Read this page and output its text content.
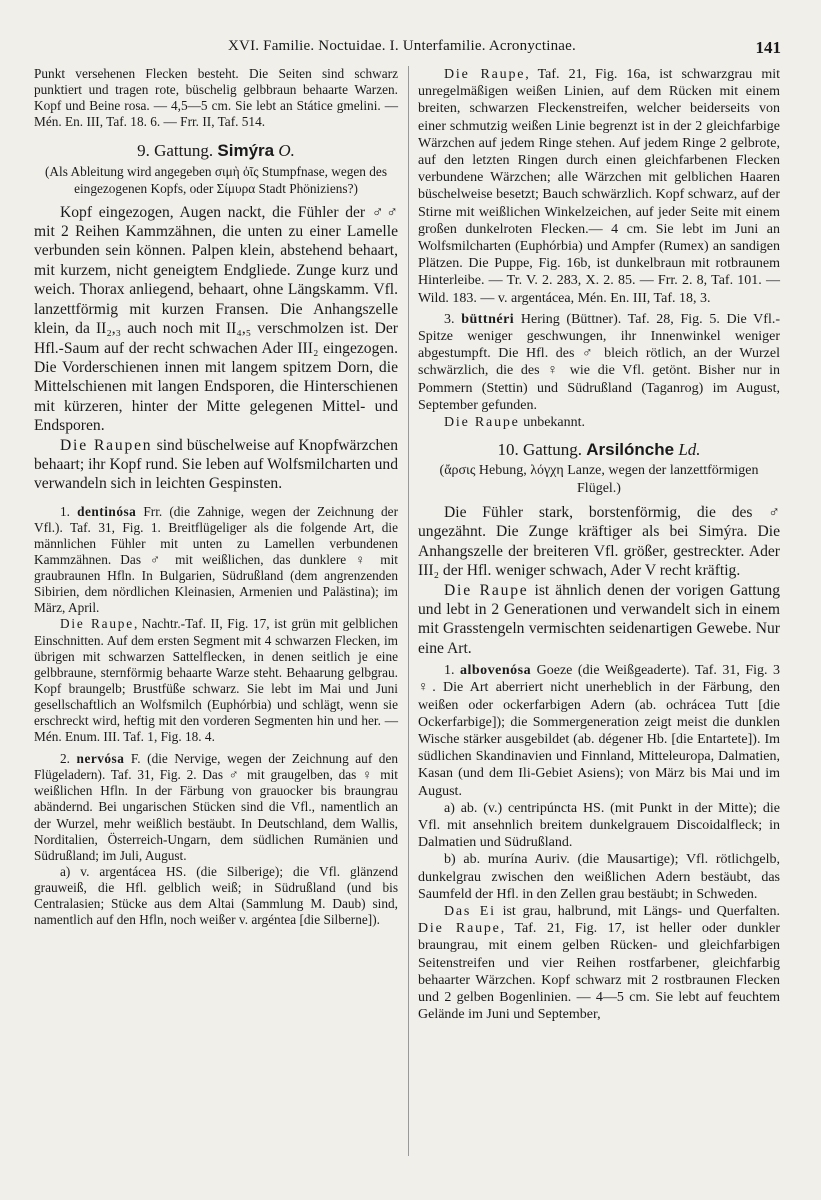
XVI. Familie. Noctuidae. I. Unterfamilie. Acronyctinae.	141

Punkt versehenen Flecken besteht. Die Seiten sind schwarz punktiert und tragen rote, büschelig gelbbraun behaarte Warzen. Kopf und Beine rosa. — 4,5—5 cm. Sie lebt an Státice gmelini. — Mén. En. III, Taf. 18. 6. — Frr. II, Taf. 514.

9. Gattung. Simýra O.

(Als Ableitung wird angegeben σιμὴ ὀῖς Stumpfnase, wegen des eingezogenen Kopfs, oder Σίμυρα Stadt Phöniziens?)

Kopf eingezogen, Augen nackt, die Fühler der ♂♂ mit 2 Reihen Kammzähnen, die unten zu einer Lamelle verbunden sein können. Palpen klein, abstehend behaart, mit kurzem, nicht geneigtem Endgliede. Zunge kurz und weich. Thorax anliegend, behaart, ohne Längskamm. Vfl. lanzettförmig mit kurzen Fransen. Die Anhangszelle klein, da II₂,₃ auch noch mit II₄,₅ verschmolzen ist. Der Hfl.-Saum auf der recht schwachen Ader III₂ eingezogen. Die Vorderschienen innen mit langem spitzem Dorn, die Mittelschienen mit langen Endsporen, die Hinterschienen mit kürzeren, hinter der Mitte gelegenen Mittel- und Endsporen.

Die Raupen sind büschelweise auf Knopfwärzchen behaart; ihr Kopf rund. Sie leben auf Wolfsmilcharten und verwandeln sich in leichten Gespinsten.

1. dentinósa Frr. (die Zahnige, wegen der Zeichnung der Vfl.). Taf. 31, Fig. 1. Breitflügeliger als die folgende Art, die männlichen Fühler mit unten zu Lamellen verbundenen Kammzähnen. Das ♂ mit weißlichen, das dunklere ♀ mit graubraunen Hfln. In Bulgarien, Südrußland (dem angrenzenden Sibirien, dem nördlichen Kleinasien, Armenien und Palästina); im März, April.

Die Raupe, Nachtr.-Taf. II, Fig. 17, ist grün mit gelblichen Einschnitten. Auf dem ersten Segment mit 4 schwarzen Flecken, im übrigen mit schwarzen Sattelflecken, in denen seitlich je eine gelbbraune, sternförmig behaarte Warze steht. Behaarung gelbgrau. Kopf braungelb; Brustfüße schwarz. Sie lebt im Mai und Juni gesellschaftlich an Wolfsmilch (Euphórbia) und schlägt, wenn sie erschreckt wird, heftig mit den vorderen Segmenten hin und her. — Mén. Enum. III. Taf. 1, Fig. 18. 4.

2. nervósa F. (die Nervige, wegen der Zeichnung auf den Flügeladern). Taf. 31, Fig. 2. Das ♂ mit graugelben, das ♀ mit weißlichen Hfln. In der Färbung von grauocker bis braungrau abändernd. Bei ungarischen Stücken sind die Vfl., namentlich an der Wurzel, mehr weißlich bestäubt. In Deutschland, dem Wallis, Norditalien, Österreich-Ungarn, dem südlichen Rumänien und Südrußland; im Juli, August.

a) v. argentácea HS. (die Silberige); die Vfl. glänzend grauweiß, die Hfl. gelblich weiß; in Südrußland (und bis Centralasien; Stücke aus dem Altai (Sammlung M. Daub) sind, namentlich auf den Hfln, noch weißer v. argéntea [die Silberne]).

Die Raupe, Taf. 21, Fig. 16a, ist schwarzgrau mit unregelmäßigen weißen Linien, auf dem Rücken mit einem breiten, schwarzen Fleckenstreifen, welcher beiderseits von einer schmutzig weißen Linie begrenzt ist in der 2 gleichfarbige Wärzchen auf jedem Ringe stehen. Auf jedem Ringe 2 gelbrote, auf den letzten Ringen durch einen gleichfarbenen Flecken verbundene Wärzchen; alle Wärzchen mit gelblichen Haaren büschelweise besetzt; Bauch schwärzlich. Kopf schwarz, auf der Stirne mit weißlichen Winkelzeichen, auf jeder Seite mit einem großen dunkelroten Flecken.— 4 cm. Sie lebt im Juni an Wolfsmilcharten (Euphórbia) und Ampfer (Rumex) an sandigen Plätzen. Die Puppe, Fig. 16b, ist dunkelbraun mit rotbraunem Hinterleibe. — Tr. V. 2. 283, X. 2. 85. — Frr. 2. 8, Taf. 101. — Wild. 183. — v. argentácea, Mén. En. III, Taf. 18, 3.

3. büttnéri Hering (Büttner). Taf. 28, Fig. 5. Die Vfl.-Spitze weniger geschwungen, ihr Innenwinkel weniger abgestumpft. Die Hfl. des ♂ bleich rötlich, an der Wurzel schwärzlich, die des ♀ wie die Vfl. getönt. Bisher nur in Pommern (Stettin) und Südrußland (Taganrog) im August, September gefunden.

Die Raupe unbekannt.

10. Gattung. Arsilónche Ld.

(ἄρσις Hebung, λόγχη Lanze, wegen der lanzettförmigen Flügel.)

Die Fühler stark, borstenförmig, die des ♂ ungezähnt. Die Zunge kräftiger als bei Simýra. Die Anhangszelle der breiteren Vfl. größer, gestreckter. Ader III₂ der Hfl. weniger schwach, Ader V recht kräftig.

Die Raupe ist ähnlich denen der vorigen Gattung und lebt in 2 Generationen und verwandelt sich in einem mit Grasstengeln vermischten seidenartigen Gewebe. Nur eine Art.

1. albovenósa Goeze (die Weißgeaderte). Taf. 31, Fig. 3 ♀. Die Art aberriert nicht unerheblich in der Färbung, den weißen oder ockerfarbigen Adern (ab. ochrácea Tutt [die Ockerfarbige]); die Sommergeneration zeigt meist die dunklen Wische stärker ausgebildet (ab. dégener Hb. [die Entartete]). Im südlichen Skandinavien und Finnland, Mitteleuropa, Dalmatien, Kasan (und dem Ili-Gebiet Asiens); von März bis Mai und im August.

a) ab. (v.) centripúncta HS. (mit Punkt in der Mitte); die Vfl. mit ansehnlich breitem dunkelgrauem Discoidalfleck; in Dalmatien und Südrußland.

b) ab. murína Auriv. (die Mausartige); Vfl. rötlichgelb, dunkelgrau zwischen den weißlichen Adern bestäubt, das Saumfeld der Hfl. in den Zellen grau bestäubt; in Schweden.

Das Ei ist grau, halbrund, mit Längs- und Querfalten. Die Raupe, Taf. 21, Fig. 17, ist heller oder dunkler braungrau, mit einem gelben Rücken- und gleichfarbigen Seitenstreifen und vier Reihen rostfarbener, gleichfarbig behaarter Wärzchen. Kopf schwarz mit 2 rostbraunen Flecken und 2 gelben Bogenlinien. — 4—5 cm. Sie lebt auf feuchtem Gelände im Juni und September,
